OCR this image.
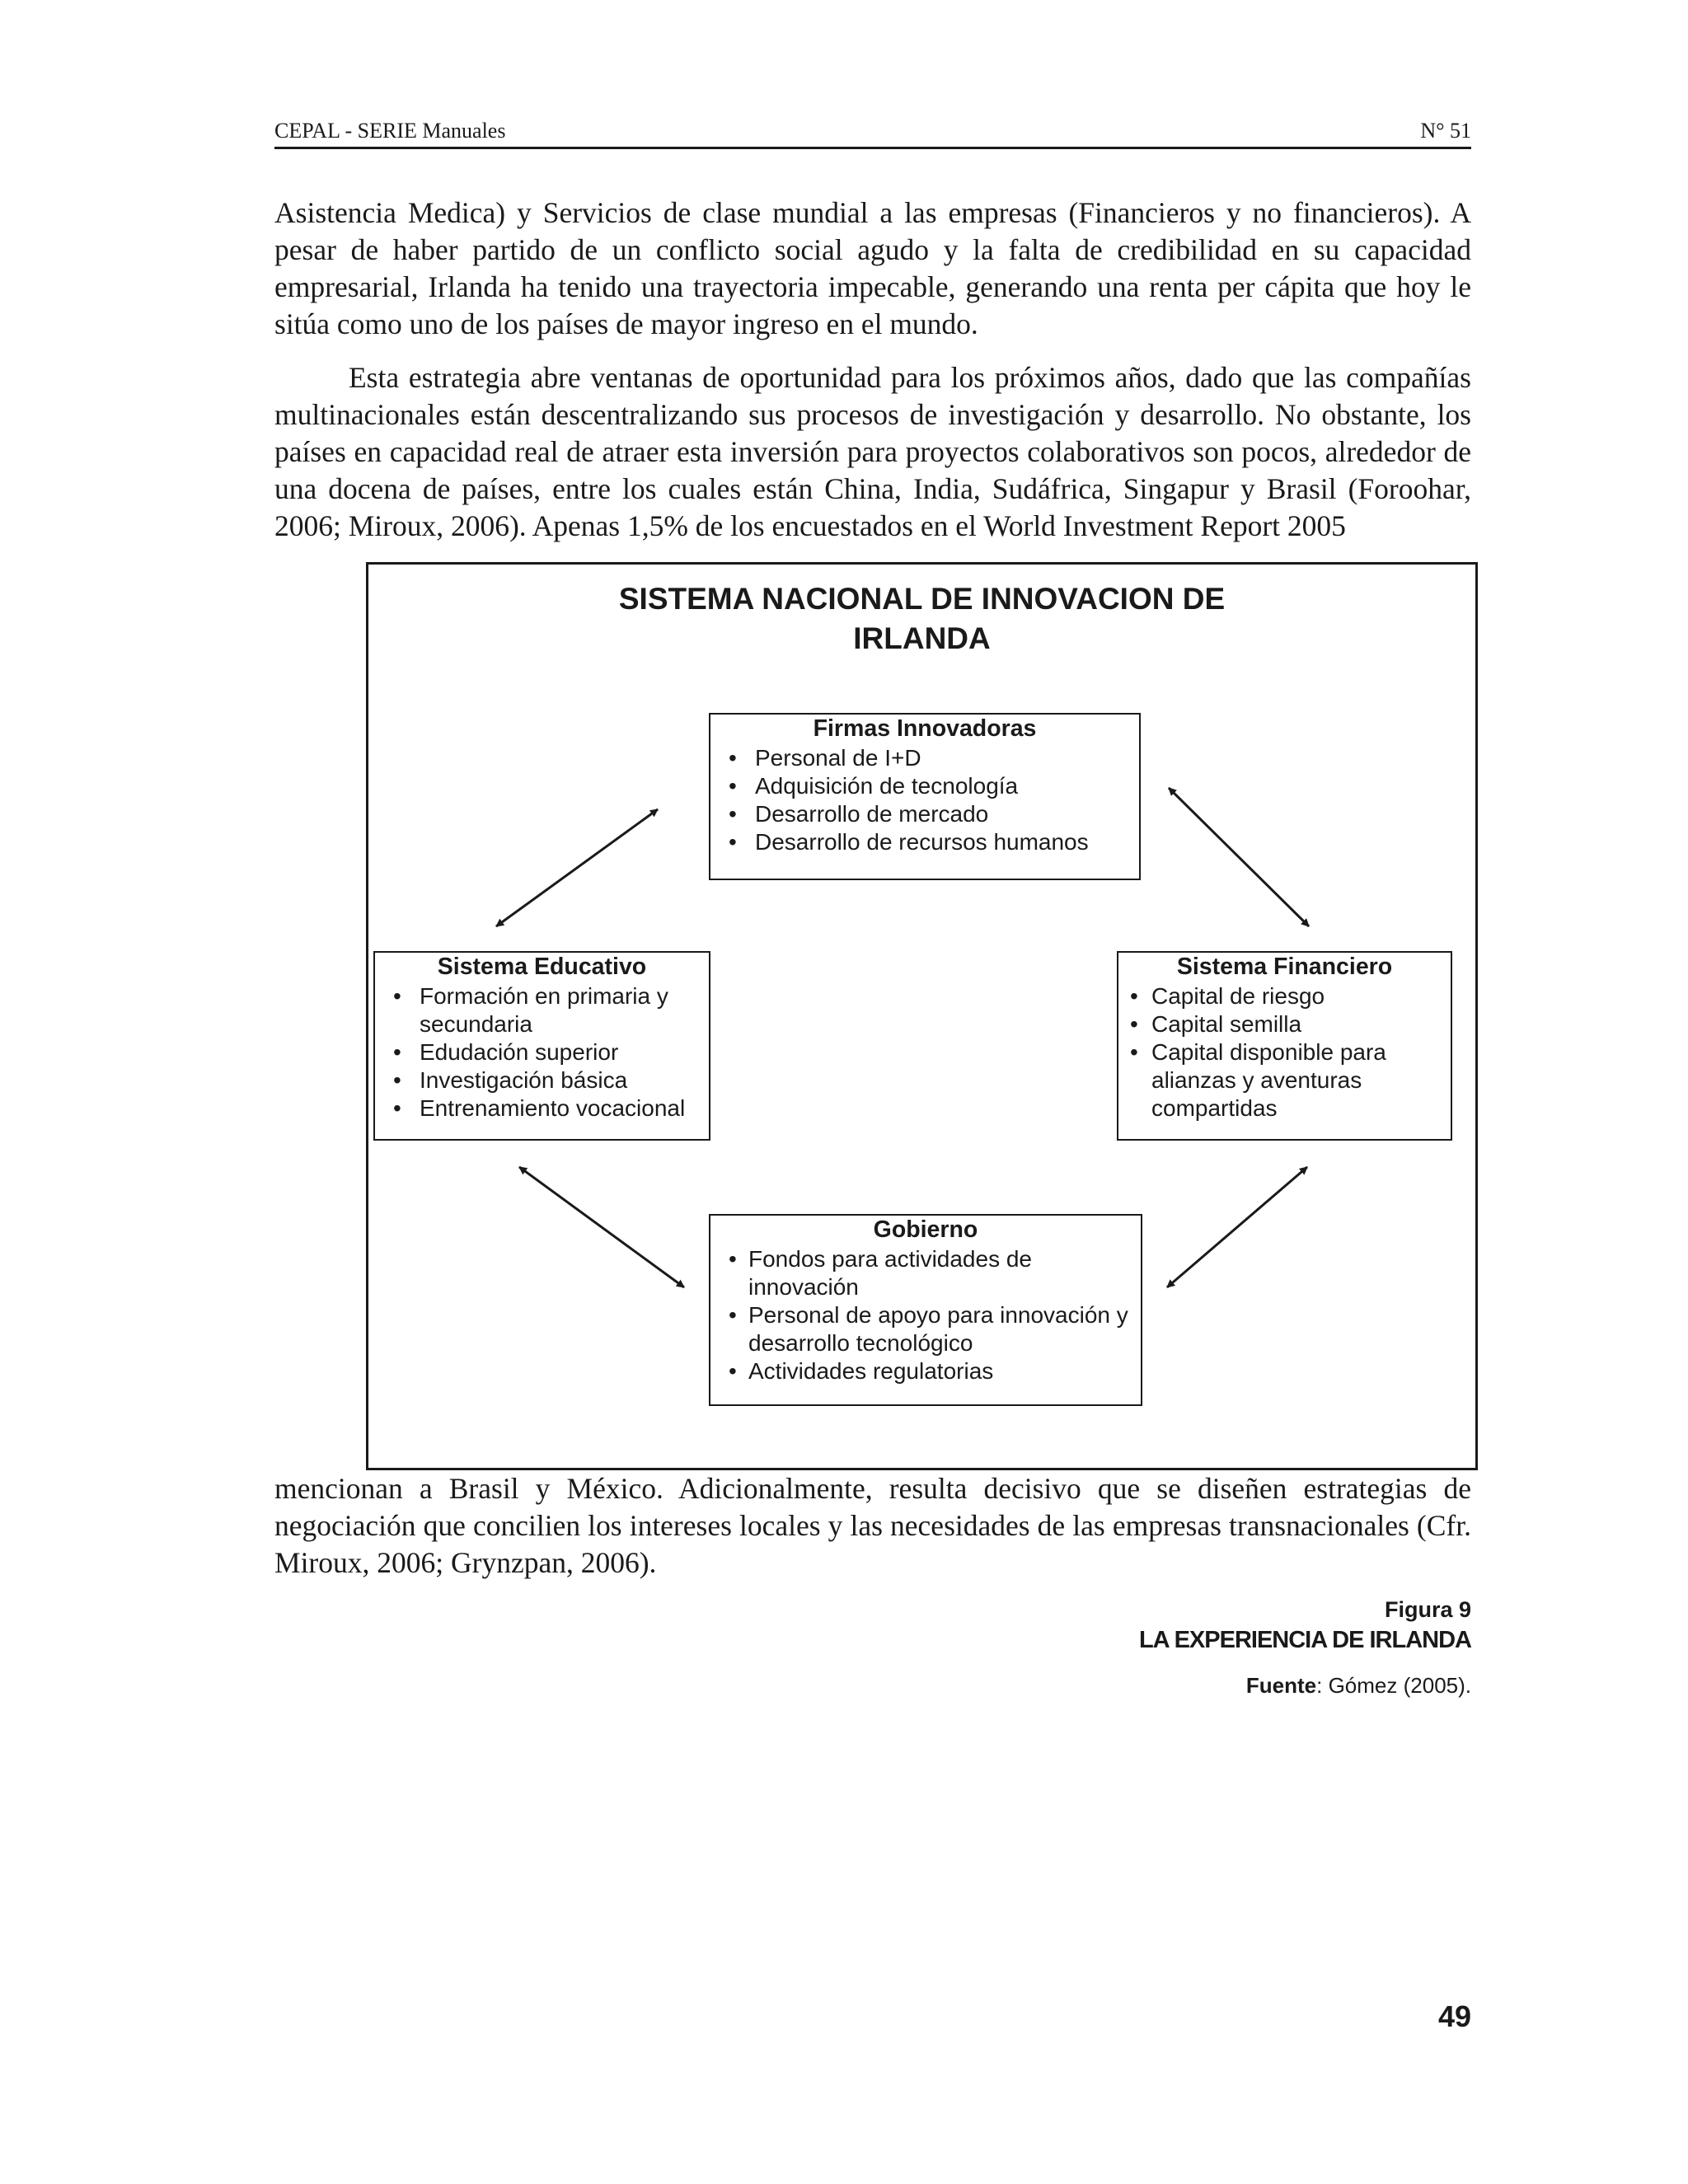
CEPAL - SERIE Manuales	N° 51

Asistencia Medica) y Servicios de clase mundial a las empresas (Financieros y no financieros). A pesar de haber partido de un conflicto social agudo y la falta de credibilidad en su capacidad empresarial, Irlanda ha tenido una trayectoria impecable, generando una renta per cápita que hoy le sitúa como uno de los países de mayor ingreso en el mundo.

Esta estrategia abre ventanas de oportunidad para los próximos años, dado que las compañías multinacionales están descentralizando sus procesos de investigación y desarrollo. No obstante, los países en capacidad real de atraer esta inversión para proyectos colaborativos son pocos, alrededor de una docena de países, entre los cuales están China, India, Sudáfrica, Singapur y Brasil (Foroohar, 2006; Miroux, 2006). Apenas 1,5% de los encuestados en el World Investment Report 2005

SISTEMA NACIONAL DE INNOVACION DE
IRLANDA
Firmas Innovadoras
• Personal de I+D
• Adquisición de tecnología
• Desarrollo de mercado
• Desarrollo de recursos humanos
Sistema Educativo
• Formación en primaria y secundaria
• Edudación superior
• Investigación básica
• Entrenamiento vocacional
Sistema Financiero
• Capital de riesgo
• Capital semilla
• Capital disponible para alianzas y aventuras compartidas
Gobierno
• Fondos para actividades de innovación
• Personal de apoyo para innovación y desarrollo tecnológico
• Actividades regulatorias

mencionan a Brasil y México. Adicionalmente, resulta decisivo que se diseñen estrategias de negociación que concilien los intereses locales y las necesidades de las empresas transnacionales (Cfr. Miroux, 2006; Grynzpan, 2006).

Figura 9
LA EXPERIENCIA DE IRLANDA
Fuente: Gómez (2005).
49
